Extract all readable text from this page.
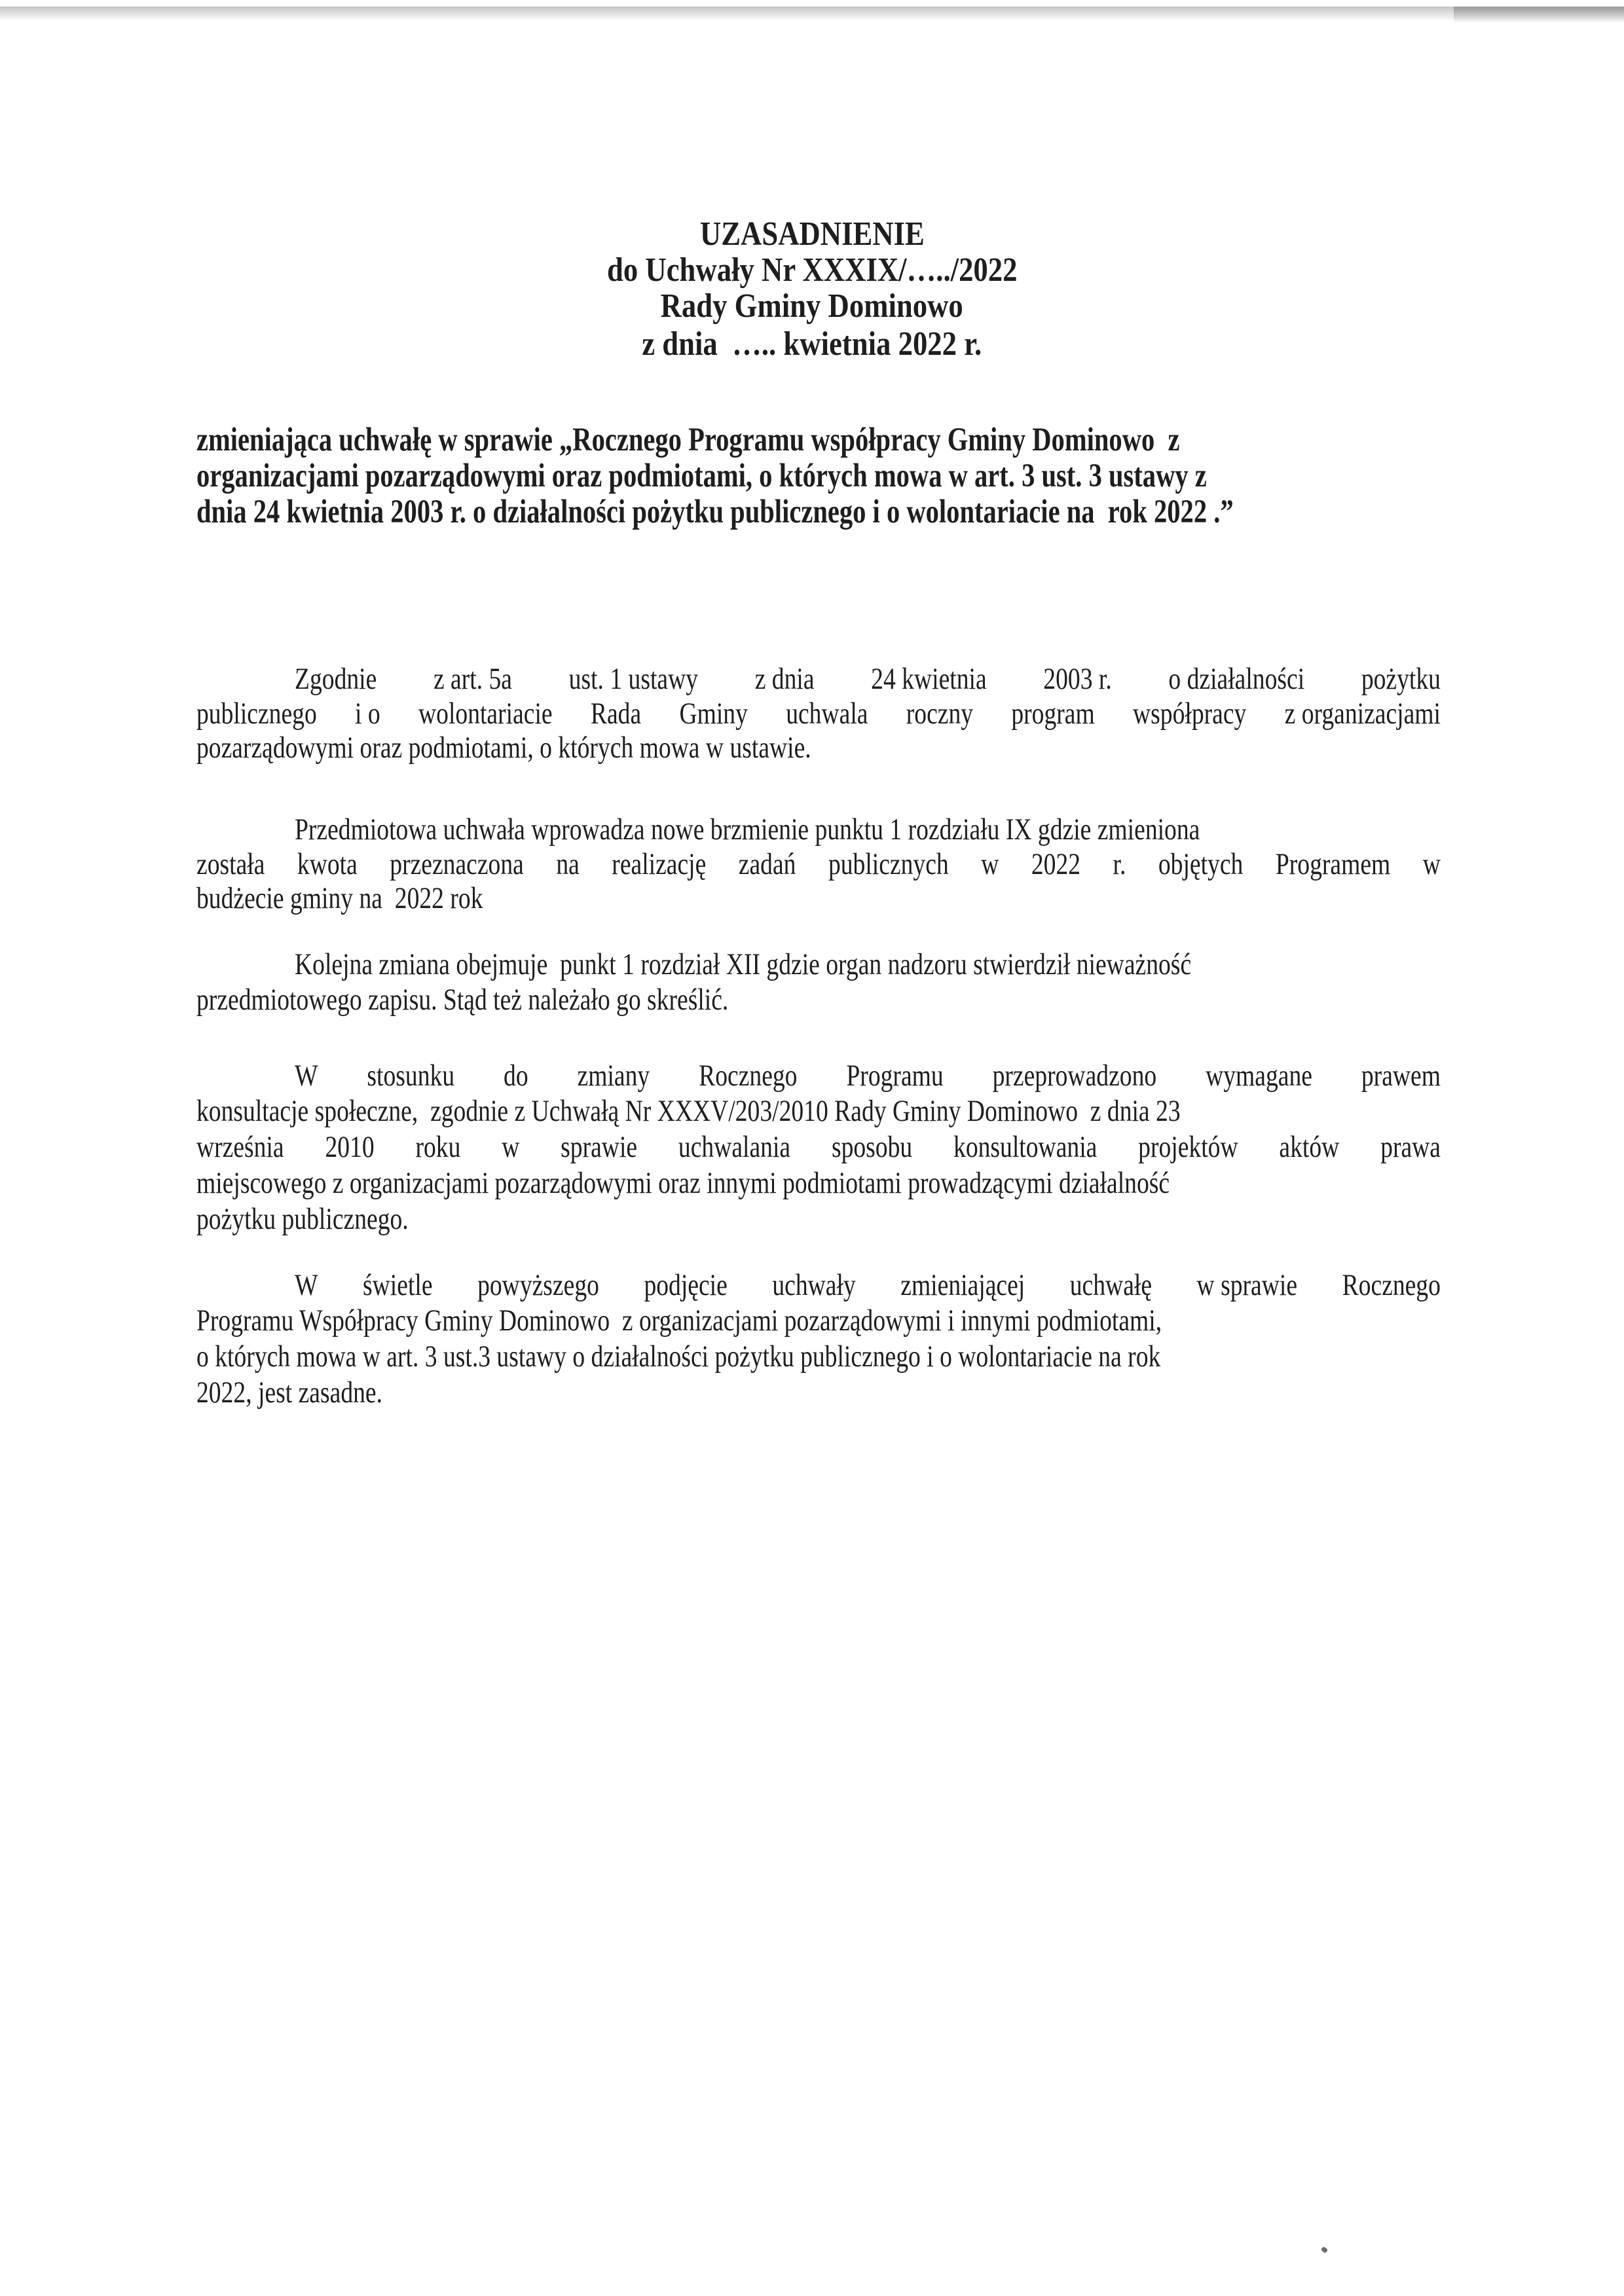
UZASADNIENIE
do Uchwały Nr XXXIX/…../2022
Rady Gminy Dominowo
z dnia  ….. kwietnia 2022 r.
zmieniająca uchwałę w sprawie „Rocznego Programu współpracy Gminy Dominowo  z
organizacjami pozarządowymi oraz podmiotami, o których mowa w art. 3 ust. 3 ustawy z
dnia 24 kwietnia 2003 r. o działalności pożytku publicznego i o wolontariacie na  rok 2022 .”
Zgodnie z art. 5a ust. 1 ustawy z dnia 24 kwietnia 2003 r. o działalności pożytku
publicznego i o wolontariacie Rada Gminy uchwala roczny program współpracy z organizacjami
pozarządowymi oraz podmiotami, o których mowa w ustawie.
Przedmiotowa uchwała wprowadza nowe brzmienie punktu 1 rozdziału IX gdzie zmieniona
została kwota przeznaczona na realizację zadań publicznych w 2022 r. objętych Programem w
budżecie gminy na  2022 rok
Kolejna zmiana obejmuje  punkt 1 rozdział XII gdzie organ nadzoru stwierdził nieważność
przedmiotowego zapisu. Stąd też należało go skreślić.
W stosunku do zmiany Rocznego Programu przeprowadzono wymagane prawem
konsultacje społeczne,  zgodnie z Uchwałą Nr XXXV/203/2010 Rady Gminy Dominowo  z dnia 23
września 2010 roku w sprawie uchwalania sposobu konsultowania projektów aktów prawa
miejscowego z organizacjami pozarządowymi oraz innymi podmiotami prowadzącymi działalność
pożytku publicznego.
W świetle powyższego podjęcie uchwały zmieniającej uchwałę w sprawie Rocznego
Programu Współpracy Gminy Dominowo  z organizacjami pozarządowymi i innymi podmiotami,
o których mowa w art. 3 ust.3 ustawy o działalności pożytku publicznego i o wolontariacie na rok
2022, jest zasadne.
